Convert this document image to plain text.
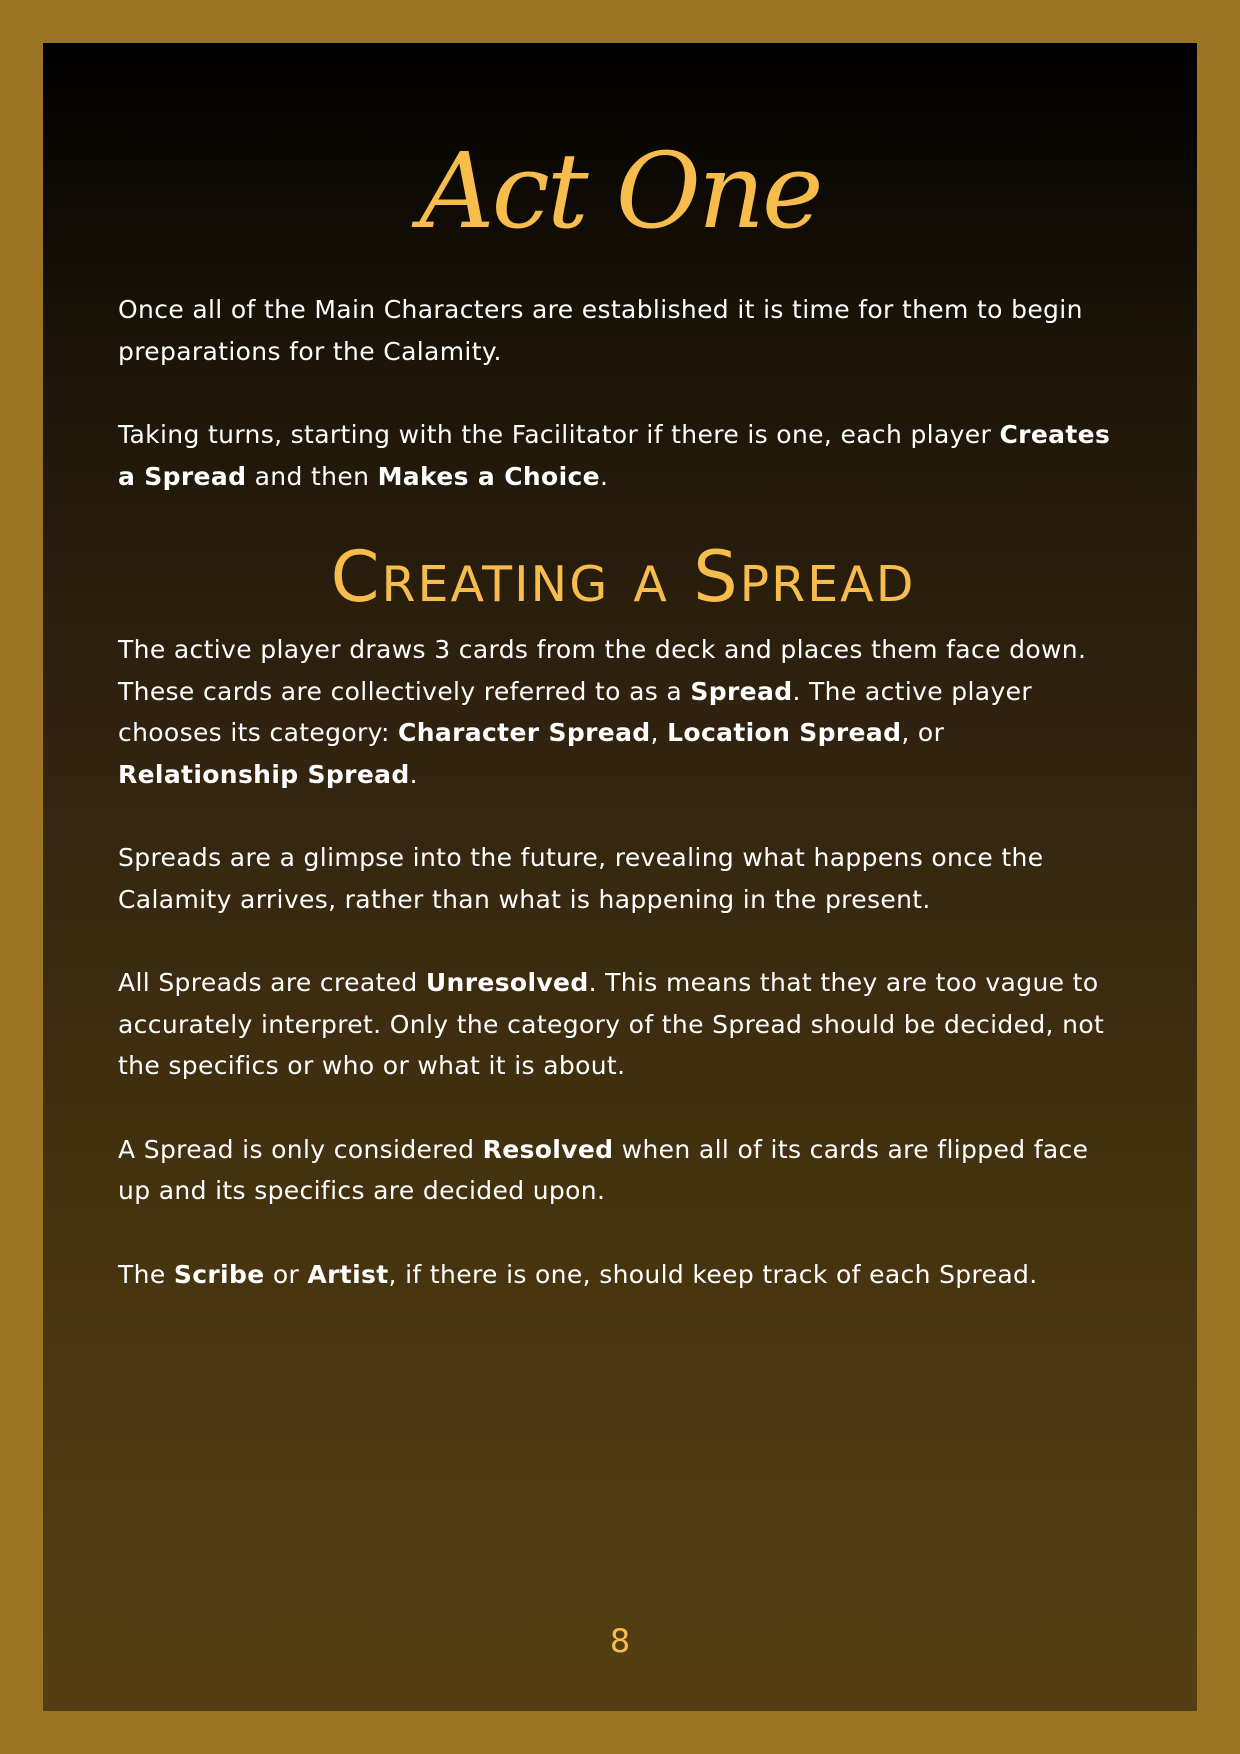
Act One

Once all of the Main Characters are established it is time for them to begin preparations for the Calamity.

Taking turns, starting with the Facilitator if there is one, each player Creates a Spread and then Makes a Choice.

Creating a Spread

The active player draws 3 cards from the deck and places them face down. These cards are collectively referred to as a Spread. The active player chooses its category: Character Spread, Location Spread, or Relationship Spread.

Spreads are a glimpse into the future, revealing what happens once the Calamity arrives, rather than what is happening in the present.

All Spreads are created Unresolved. This means that they are too vague to accurately interpret. Only the category of the Spread should be decided, not the specifics or who or what it is about.

A Spread is only considered Resolved when all of its cards are flipped face up and its specifics are decided upon.

The Scribe or Artist, if there is one, should keep track of each Spread.

8
